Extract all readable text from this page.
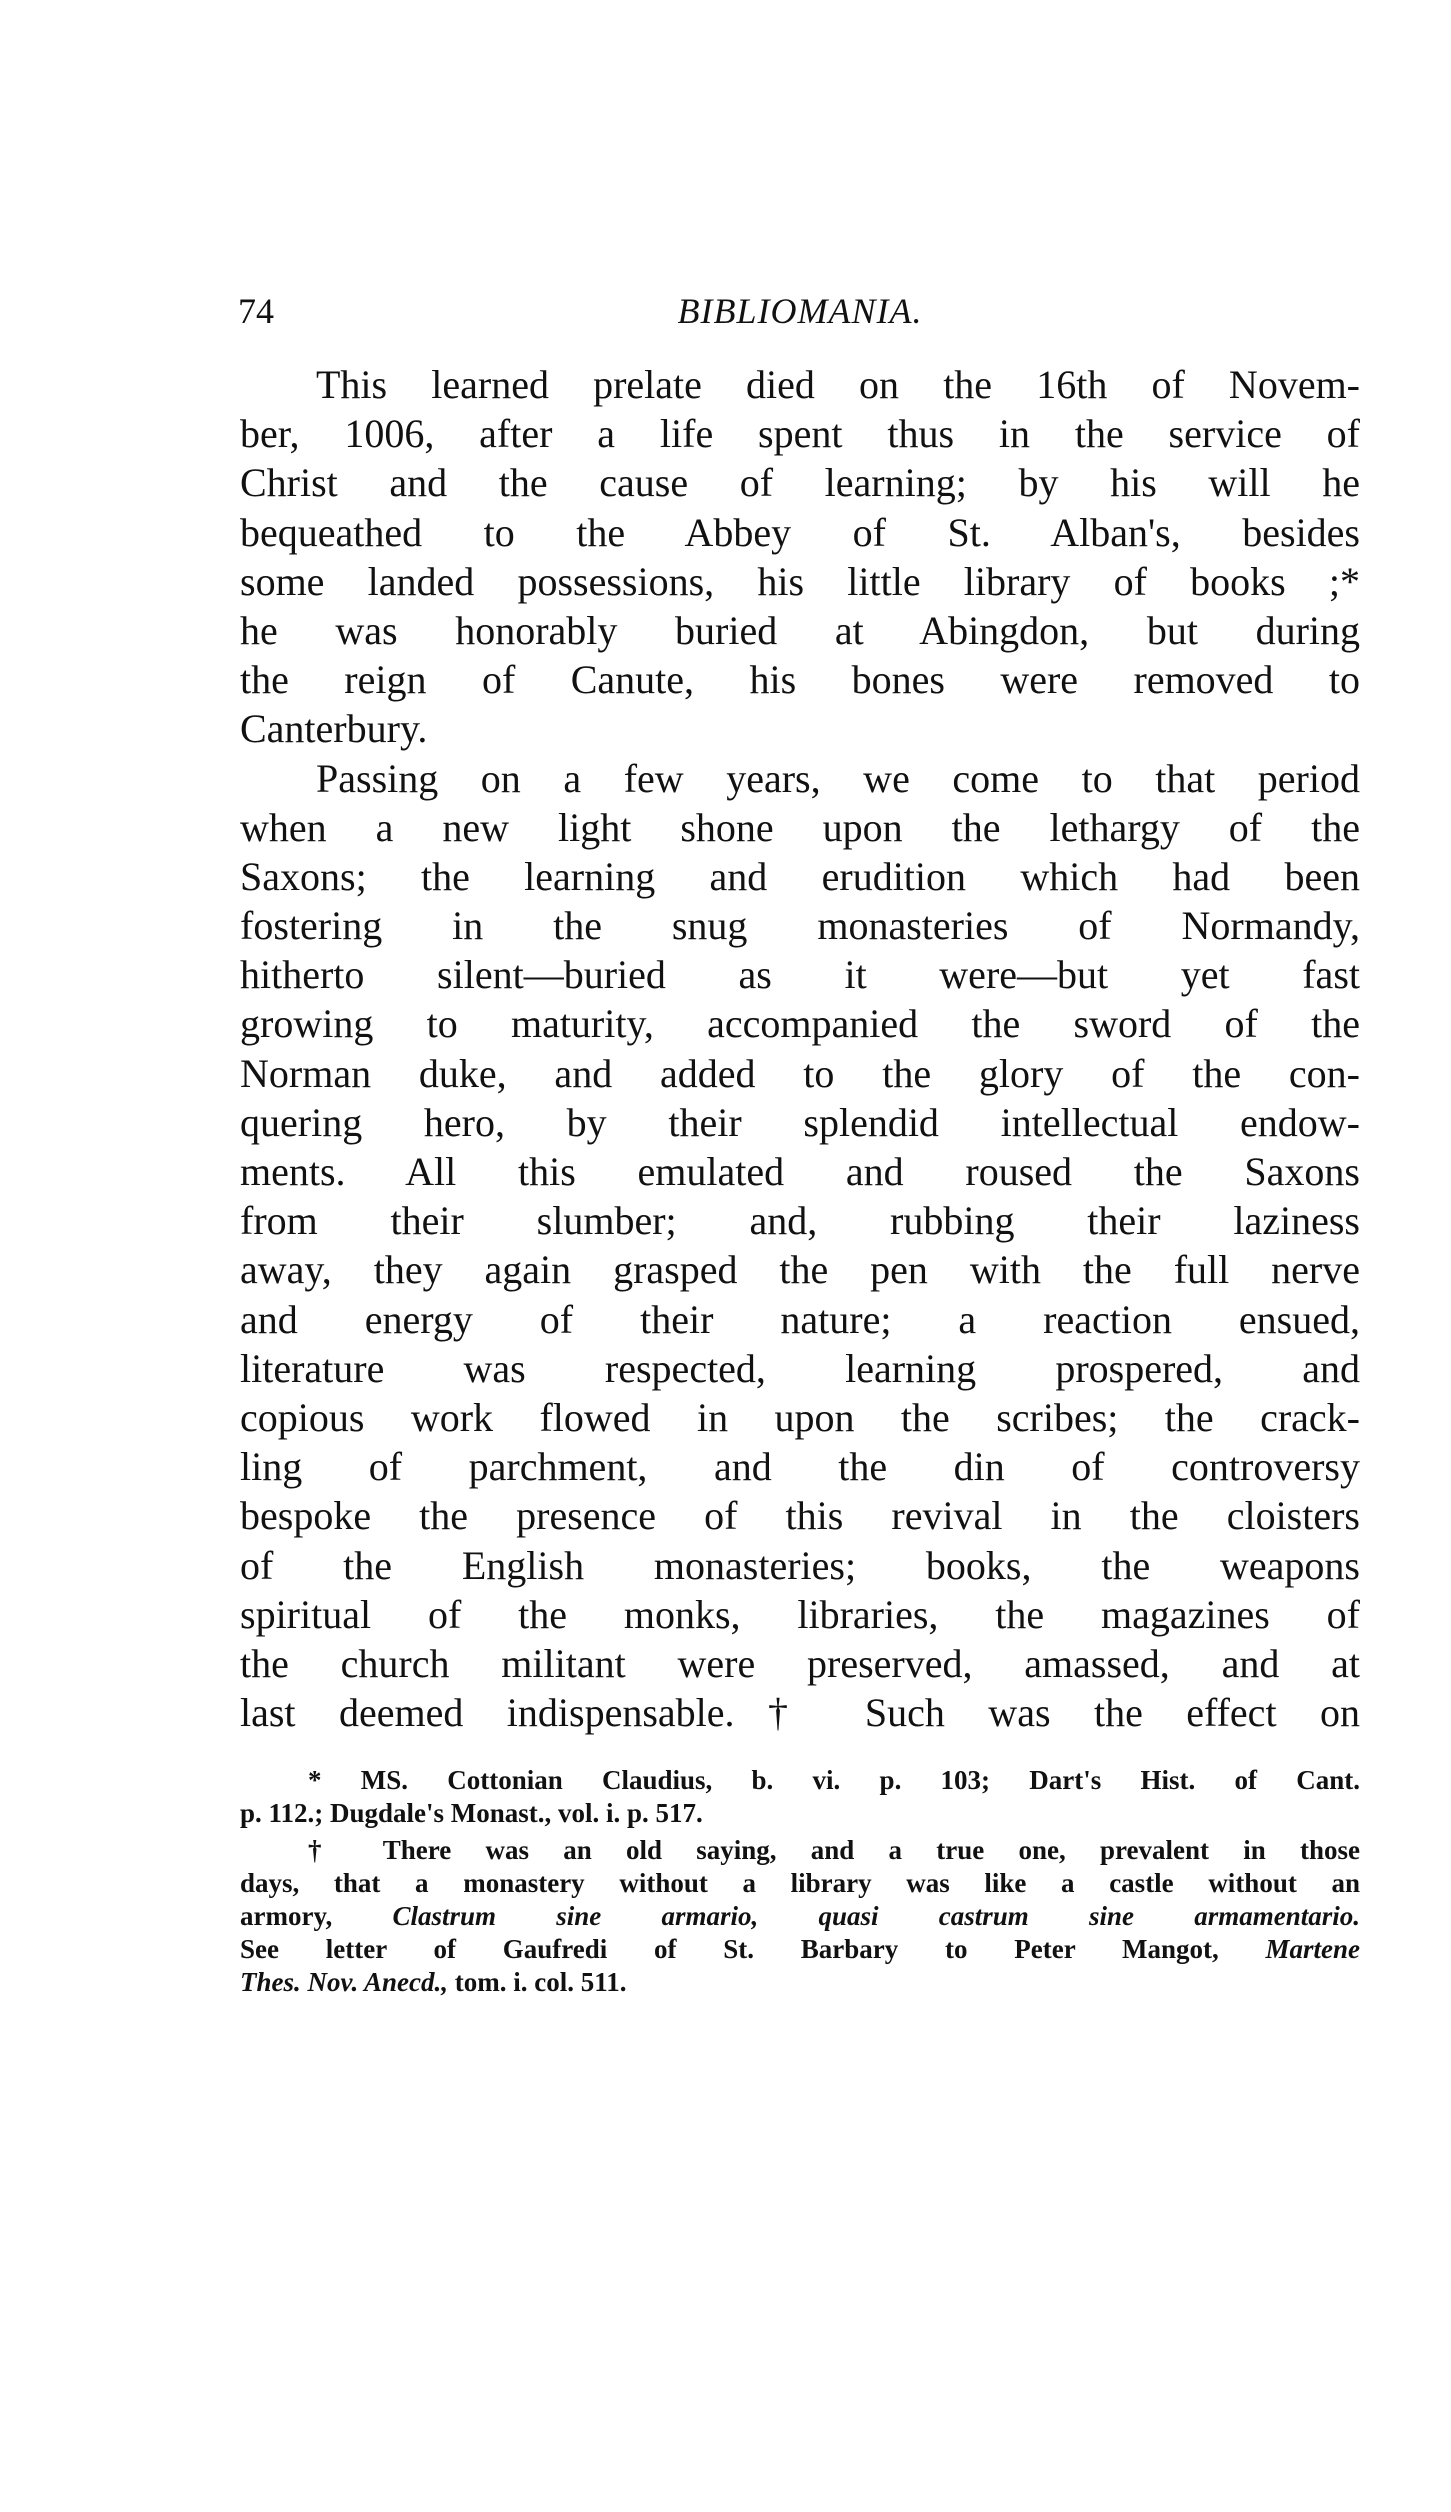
74	BIBLIOMANIA.
This learned prelate died on the 16th of Novem-
ber, 1006, after a life spent thus in the service of
Christ and the cause of learning; by his will he
bequeathed to the Abbey of St. Alban's, besides
some landed possessions, his little library of books ;*
he was honorably buried at Abingdon, but during
the reign of Canute, his bones were removed to
Canterbury.
Passing on a few years, we come to that period
when a new light shone upon the lethargy of the
Saxons; the learning and erudition which had been
fostering in the snug monasteries of Normandy,
hitherto silent—buried as it were—but yet fast
growing to maturity, accompanied the sword of the
Norman duke, and added to the glory of the con-
quering hero, by their splendid intellectual endow-
ments. All this emulated and roused the Saxons
from their slumber; and, rubbing their laziness
away, they again grasped the pen with the full nerve
and energy of their nature; a reaction ensued,
literature was respected, learning prospered, and
copious work flowed in upon the scribes; the crack-
ling of parchment, and the din of controversy
bespoke the presence of this revival in the cloisters
of the English monasteries; books, the weapons
spiritual of the monks, libraries, the magazines of
the church militant were preserved, amassed, and at
last deemed indispensable.† Such was the effect on
* MS. Cottonian Claudius, b. vi. p. 103; Dart's Hist. of Cant.
p. 112.; Dugdale's Monast., vol. i. p. 517.
† There was an old saying, and a true one, prevalent in those
days, that a monastery without a library was like a castle without an
armory, Clastrum sine armario, quasi castrum sine armamentario.
See letter of Gaufredi of St. Barbary to Peter Mangot, Martene
Thes. Nov. Anecd., tom. i. col. 511.
